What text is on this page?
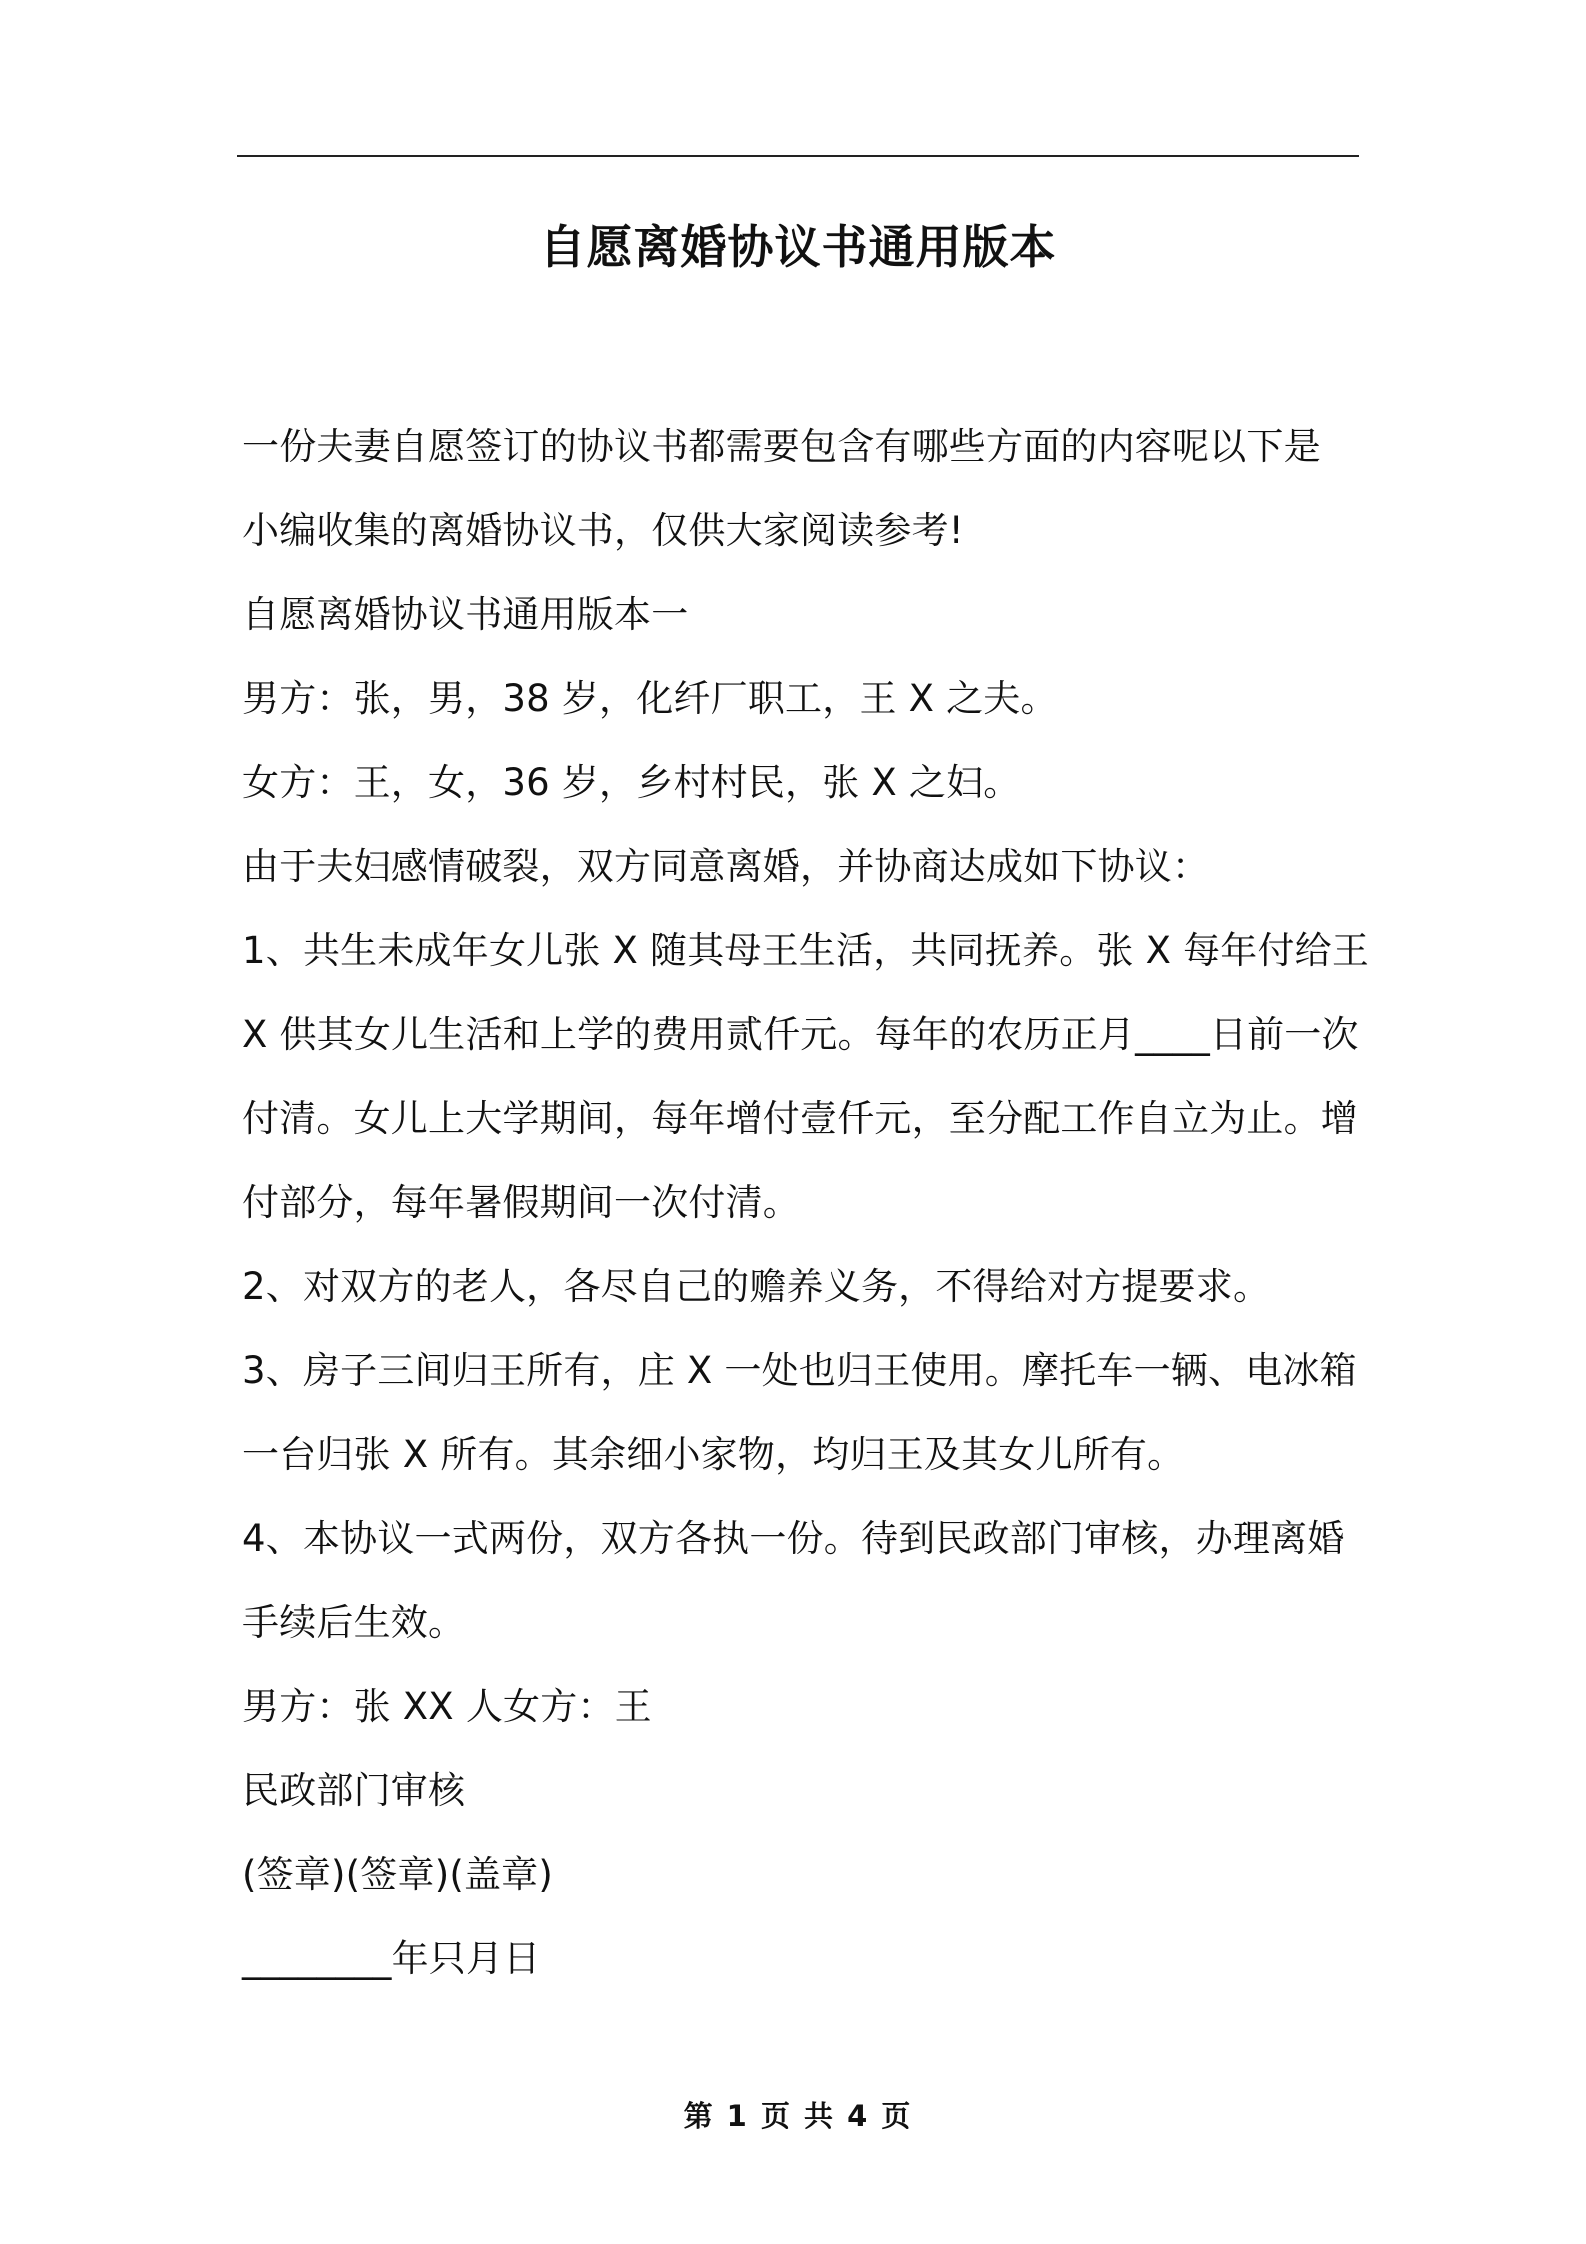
自愿离婚协议书通用版本
一份夫妻自愿签订的协议书都需要包含有哪些方面的内容呢以下是
小编收集的离婚协议书，仅供大家阅读参考!
自愿离婚协议书通用版本一
男方：张，男，38 岁，化纤厂职工，王 X 之夫。
女方：王，女，36 岁，乡村村民，张 X 之妇。
由于夫妇感情破裂，双方同意离婚，并协商达成如下协议：
1、共生未成年女儿张 X 随其母王生活，共同抚养。张 X 每年付给王
X 供其女儿生活和上学的费用贰仟元。每年的农历正月____日前一次
付清。女儿上大学期间，每年增付壹仟元，至分配工作自立为止。增
付部分，每年暑假期间一次付清。
2、对双方的老人，各尽自己的赡养义务，不得给对方提要求。
3、房子三间归王所有，庄 X 一处也归王使用。摩托车一辆、电冰箱
一台归张 X 所有。其余细小家物，均归王及其女儿所有。
4、本协议一式两份，双方各执一份。待到民政部门审核，办理离婚
手续后生效。
男方：张 XX 人女方：王
民政部门审核
(签章)(签章)(盖章)
________年只月日
第 1 页 共 4 页
